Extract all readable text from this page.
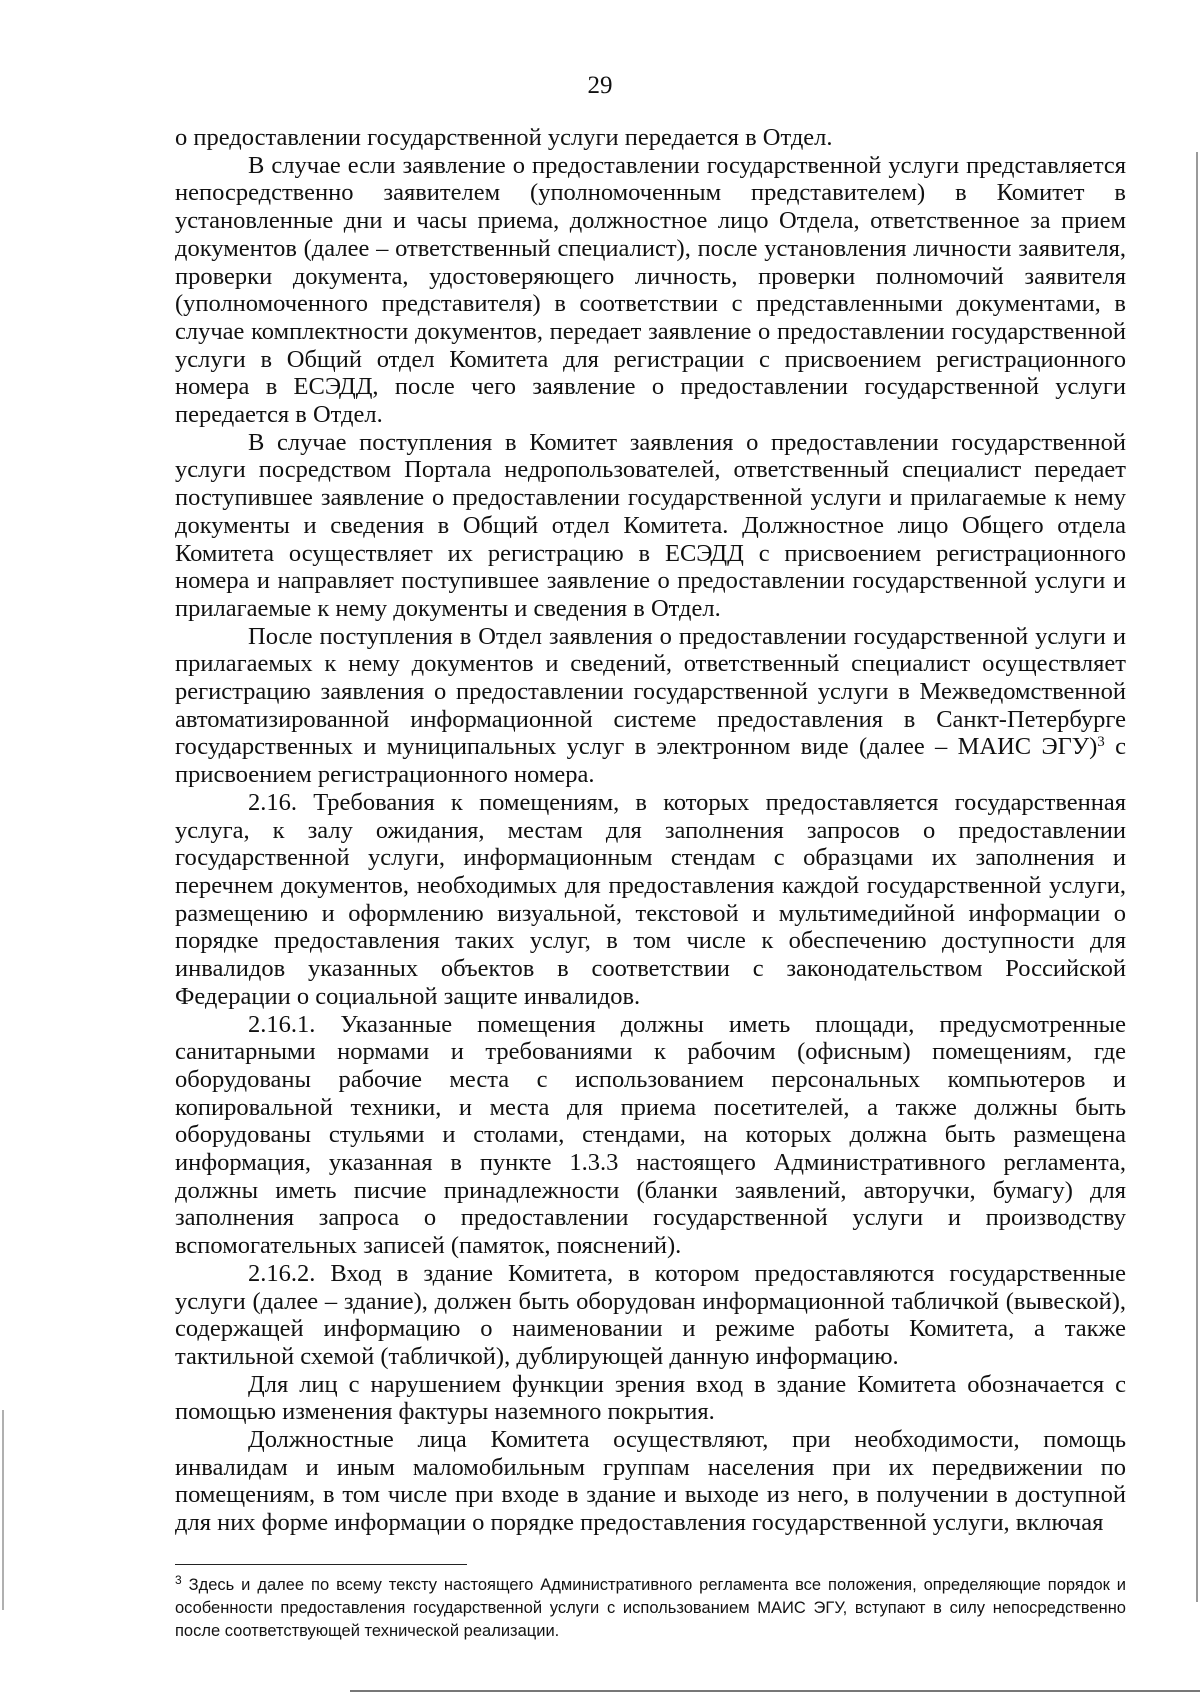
29

о предоставлении государственной услуги передается в Отдел.

В случае если заявление о предоставлении государственной услуги представляется непосредственно заявителем (уполномоченным представителем) в Комитет в установленные дни и часы приема, должностное лицо Отдела, ответственное за прием документов (далее – ответственный специалист), после установления личности заявителя, проверки документа, удостоверяющего личность, проверки полномочий заявителя (уполномоченного представителя) в соответствии с представленными документами, в случае комплектности документов, передает заявление о предоставлении государственной услуги в Общий отдел Комитета для регистрации с присвоением регистрационного номера в ЕСЭДД, после чего заявление о предоставлении государственной услуги передается в Отдел.

В случае поступления в Комитет заявления о предоставлении государственной услуги посредством Портала недропользователей, ответственный специалист передает поступившее заявление о предоставлении государственной услуги и прилагаемые к нему документы и сведения в Общий отдел Комитета. Должностное лицо Общего отдела Комитета осуществляет их регистрацию в ЕСЭДД с присвоением регистрационного номера и направляет поступившее заявление о предоставлении государственной услуги и прилагаемые к нему документы и сведения в Отдел.

После поступления в Отдел заявления о предоставлении государственной услуги и прилагаемых к нему документов и сведений, ответственный специалист осуществляет регистрацию заявления о предоставлении государственной услуги в Межведомственной автоматизированной информационной системе предоставления в Санкт-Петербурге государственных и муниципальных услуг в электронном виде (далее – МАИС ЭГУ)$^3$ с присвоением регистрационного номера.

2.16. Требования к помещениям, в которых предоставляется государственная услуга, к залу ожидания, местам для заполнения запросов о предоставлении государственной услуги, информационным стендам с образцами их заполнения и перечнем документов, необходимых для предоставления каждой государственной услуги, размещению и оформлению визуальной, текстовой и мультимедийной информации о порядке предоставления таких услуг, в том числе к обеспечению доступности для инвалидов указанных объектов в соответствии с законодательством Российской Федерации о социальной защите инвалидов.

2.16.1. Указанные помещения должны иметь площади, предусмотренные санитарными нормами и требованиями к рабочим (офисным) помещениям, где оборудованы рабочие места с использованием персональных компьютеров и копировальной техники, и места для приема посетителей, а также должны быть оборудованы стульями и столами, стендами, на которых должна быть размещена информация, указанная в пункте 1.3.3 настоящего Административного регламента, должны иметь писчие принадлежности (бланки заявлений, авторучки, бумагу) для заполнения запроса о предоставлении государственной услуги и производству вспомогательных записей (памяток, пояснений).

2.16.2. Вход в здание Комитета, в котором предоставляются государственные услуги (далее – здание), должен быть оборудован информационной табличкой (вывеской), содержащей информацию о наименовании и режиме работы Комитета, а также тактильной схемой (табличкой), дублирующей данную информацию.

Для лиц с нарушением функции зрения вход в здание Комитета обозначается с помощью изменения фактуры наземного покрытия.

Должностные лица Комитета осуществляют, при необходимости, помощь инвалидам и иным маломобильным группам населения при их передвижении по помещениям, в том числе при входе в здание и выходе из него, в получении в доступной для них форме информации о порядке предоставления государственной услуги, включая

$^3$ Здесь и далее по всему тексту настоящего Административного регламента все положения, определяющие порядок и особенности предоставления государственной услуги с использованием МАИС ЭГУ, вступают в силу непосредственно после соответствующей технической реализации.
